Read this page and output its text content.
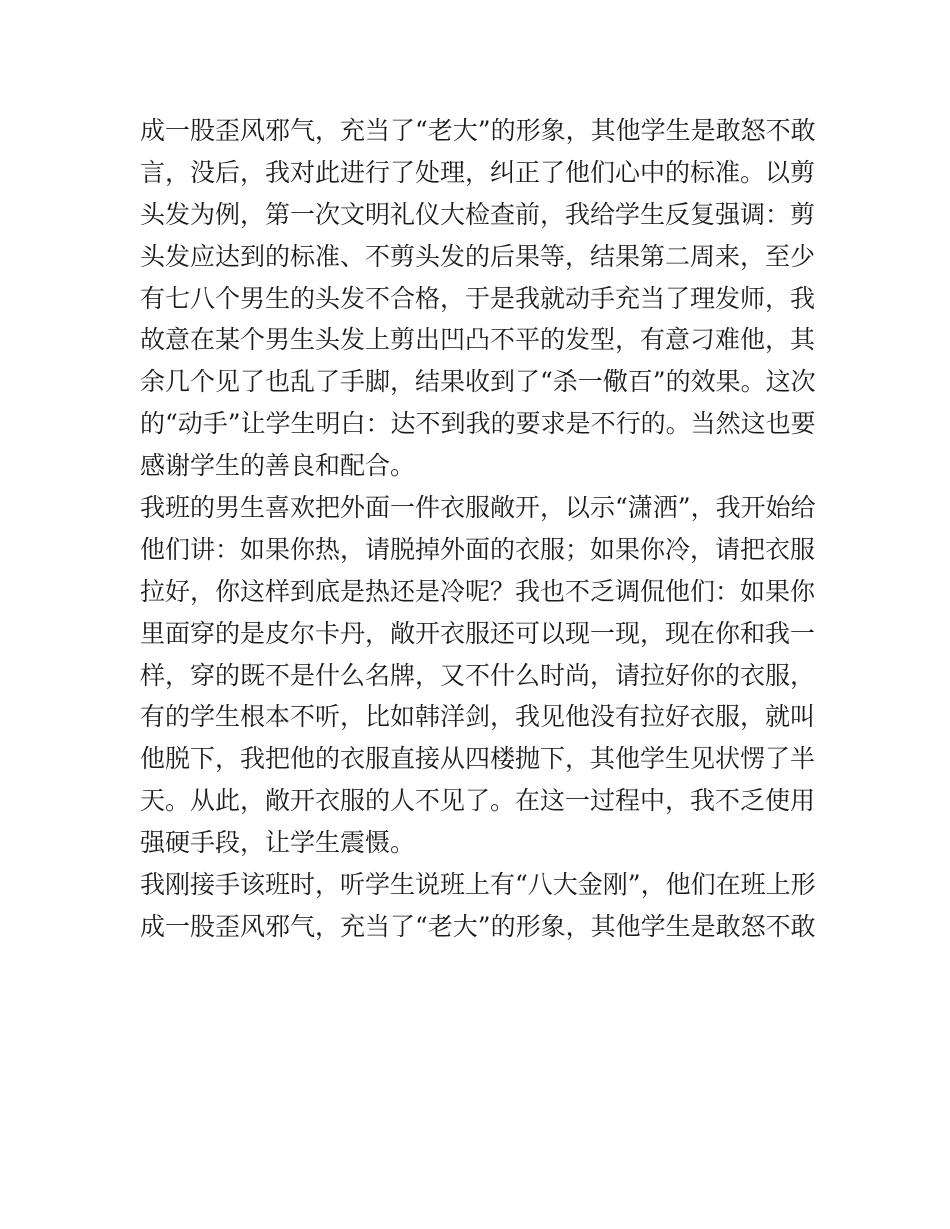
成一股歪风邪气，充当了“老大”的形象，其他学生是敢怒不敢
言，没后，我对此进行了处理，纠正了他们心中的标准。以剪
头发为例，第一次文明礼仪大检查前，我给学生反复强调：剪
头发应达到的标准、不剪头发的后果等，结果第二周来，至少
有七八个男生的头发不合格，于是我就动手充当了理发师，我
故意在某个男生头发上剪出凹凸不平的发型，有意刁难他，其
余几个见了也乱了手脚，结果收到了“杀一儆百”的效果。这次
的“动手”让学生明白：达不到我的要求是不行的。当然这也要
感谢学生的善良和配合。
我班的男生喜欢把外面一件衣服敞开，以示“潇洒”，我开始给
他们讲：如果你热，请脱掉外面的衣服；如果你冷，请把衣服
拉好，你这样到底是热还是冷呢？我也不乏调侃他们：如果你
里面穿的是皮尔卡丹，敞开衣服还可以现一现，现在你和我一
样，穿的既不是什么名牌，又不什么时尚，请拉好你的衣服，
有的学生根本不听，比如韩洋剑，我见他没有拉好衣服，就叫
他脱下，我把他的衣服直接从四楼抛下，其他学生见状愣了半
天。从此，敞开衣服的人不见了。在这一过程中，我不乏使用
强硬手段，让学生震慑。
我刚接手该班时，听学生说班上有“八大金刚”，他们在班上形
成一股歪风邪气，充当了“老大”的形象，其他学生是敢怒不敢
